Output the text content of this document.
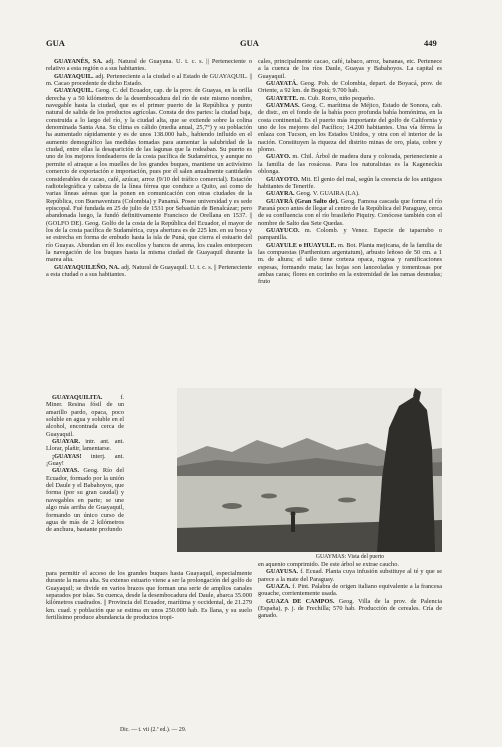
GUA	GUA	449

GUAYANÉS, SA. adj. Natural de Guayana. U. t. c. s. || Perteneciente o relativo a esta región o a sus habitantes.

GUAYAQUIL. adj. Perteneciente a la ciudad o al Estado de GUAYAQUIL. || m. Cacao procedente de dicho Estado.

GUAYAQUIL. Geog. C. del Ecuador, cap. de la prov. de Guayas, en la orilla derecha y a 50 kilómetros de la desembocadura del río de este mismo nombre, navegable hasta la ciudad, que es el primer puerto de la República y punto natural de salida de los productos agrícolas. Consta de dos partes: la ciudad baja, construida a lo largo del río, y la ciudad alta, que se extiende sobre la colina denominada Santa Ana. Su clima es cálido (media anual, 25,7°) y su población ha aumentado rápidamente y es de unos 138.000 hab., habiendo influido en el aumento demográfico las medidas tomadas para aumentar la salubridad de la ciudad, entre ellas la desaparición de las lagunas que la rodeaban. Su puerto es uno de los mejores fondeaderos de la costa pacífica de Sudamérica, y aunque no permite el atraque a los muelles de los grandes buques, mantiene un activísimo comercio de exportación e importación, pues por él salen anualmente cantidades considerables de cacao, café, azúcar, arroz (9/10 del tráfico comercial). Estación radiotelegráfica y cabeza de la línea férrea que conduce a Quito, así como de varias líneas aéreas que la ponen en comunicación con otras ciudades de la República, con Buenaventura (Colombia) y Panamá. Posee universidad y es sede episcopal. Fué fundada en 25 de julio de 1531 por Sebastián de Benalcázar; pero abandonada luego, la fundó definitivamente Francisco de Orellana en 1537. || (GOLFO DE). Geog. Golfo de la costa de la República del Ecuador, el mayor de los de la costa pacífica de Sudamérica, cuya abertura es de 225 km. en su boca y se estrecha en forma de embudo hasta la isla de Puná, que cierra el estuario del río Guayas. Abundan en él los escollos y bancos de arena, los cuales entorpecen la navegación de los buques hasta la misma ciudad de Guayaquil durante la marea alta.

GUAYAQUILEÑO, NA. adj. Natural de Guayaquil. U. t. c. s. || Perteneciente a esta ciudad o a sus habitantes.

GUAYAQUILITA.	f. Miner. Resina fósil de un amarillo pardo, opaca, poco soluble en agua y soluble en el alcohol, encontrada cerca de Guayaquil.

GUAYAR. intr. ant. ant. Llorar, plañir, lamentarse.

¡GUAYAS! interj. ant. ¡Guay!

GUAYAS. Geog. Río del Ecuador, formado por la unión del Daule y el Babahoyos, que forma (por su gran caudal) y navegables en parte; se une algo más arriba de Guayaquil, formando un único curso de agua de más de 2 kilómetros de anchura, bastante profundo

para permitir el acceso de los grandes buques hasta Guayaquil, especialmente durante la marea alta. Su extenso estuario viene a ser la prolongación del golfo de Guayaquil; se divide en varios brazos que forman una serie de amplios canales separados por islas. Su cuenca, desde la desembocadura del Daule, abarca 35.000 kilómetros cuadrados. || Provincia del Ecuador, marítima y occidental, de 21.279 km. cuad. y población que se estima en unos 250.000 hab. Es llana, y su suelo fertilísimo produce abundancia de productos tropi-

cales, principalmente cacao, café, tabaco, arroz, bananas, etc. Pertenece a la cuenca de los ríos Daule, Guayas y Babahoyos. La capital es Guayaquil.

GUAYATÁ. Geog. Pob. de Colombia, depart. de Boyacá, prov. de Oriente, a 92 km. de Bogotá; 9.700 hab.

GUAYETE. m. Cub. Rorro, niño pequeño.

GUAYMAS. Geog. C. marítima de Méjico, Estado de Sonora, cab. de distr., en el fondo de la bahía poco profunda bahía homónima, en la costa continental. Es el puerto más importante del golfo de California y uno de los mejores del Pacífico; 14.200 habitantes. Una vía férrea la enlaza con Tucson, en los Estados Unidos, y otra con el interior de la nación. Constituyen la riqueza del distrito minas de oro, plata, cobre y plomo.

GUAYO. m. Chil. Árbol de madera dura y colorada, perteneciente a la familia de las rosáceas. Para los naturalistas es la Kageneckia oblonga.

GUAYOTO. Mit. El genio del mal, según la creencia de los antiguos habitantes de Tenerife.

GUAYRA. Geog. V. GUAIRA (LA).

GUAYRÁ (Gran Salto de). Geog. Famosa cascada que forma el río Paraná poco antes de llegar al centro de la República del Paraguay, cerca de su confluencia con el río brasileño Piquiry. Conócese también con el nombre de Salto das Sete Quedas.

GUAYUCO. m. Colomb. y Venez. Especie de taparrabo o pampanilla.

GUAYULE o HUAYULE. m. Bot. Planta mejicana, de la familia de las compuestas (Parthenium argentatum), arbusto leñoso de 50 cm. a 1 m. de altura; el tallo tiene corteza opaca, rugosa y ramificaciones espesas, formando mata; las hojas son lanceoladas y tomentosas por ambas caras; flores en corimbo en la extremidad de las ramas desnudas; fruto

GUAYMAS: Vista del puerto

en aquenio comprimido. De este árbol se extrae caucho.

GUAYUSA. f. Ecuad. Planta cuya infusión substituye al té y que se parece a la mate del Paraguay.

GUAZA. f. Pint. Palabra de origen italiano equivalente a la francesa gouache, corrientemente usada.

GUAZA DE CAMPOS. Geog. Villa de la prov. de Palencia (España), p. j. de Frechilla; 570 hab. Producción de cereales. Cría de ganado.

Dic. — t. vii (2.ª ed.). — 29.
